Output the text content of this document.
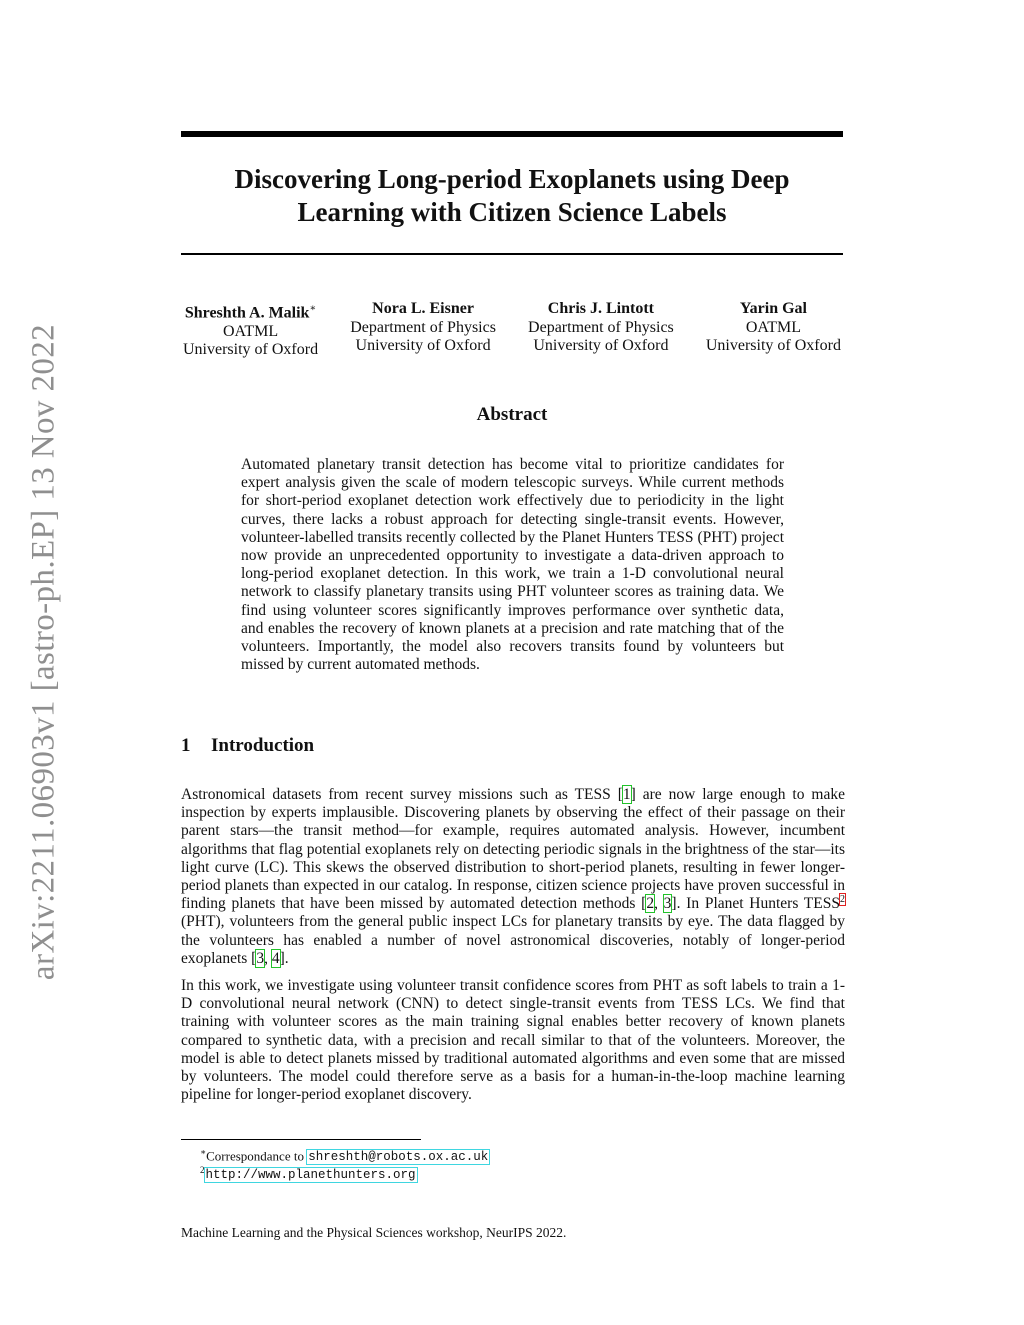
arXiv:2211.06903v1 [astro-ph.EP] 13 Nov 2022
Discovering Long-period Exoplanets using Deep Learning with Citizen Science Labels
Shreshth A. Malik∗
OATML
University of Oxford
Nora L. Eisner
Department of Physics
University of Oxford
Chris J. Lintott
Department of Physics
University of Oxford
Yarin Gal
OATML
University of Oxford
Abstract
Automated planetary transit detection has become vital to prioritize candidates for expert analysis given the scale of modern telescopic surveys. While current methods for short-period exoplanet detection work effectively due to periodicity in the light curves, there lacks a robust approach for detecting single-transit events. However, volunteer-labelled transits recently collected by the Planet Hunters TESS (PHT) project now provide an unprecedented opportunity to investigate a data-driven approach to long-period exoplanet detection. In this work, we train a 1-D convolutional neural network to classify planetary transits using PHT volunteer scores as training data. We find using volunteer scores significantly improves performance over synthetic data, and enables the recovery of known planets at a precision and rate matching that of the volunteers. Importantly, the model also recovers transits found by volunteers but missed by current automated methods.
1 Introduction
Astronomical datasets from recent survey missions such as TESS [1] are now large enough to make inspection by experts implausible. Discovering planets by observing the effect of their passage on their parent stars—the transit method—for example, requires automated analysis. However, incumbent algorithms that flag potential exoplanets rely on detecting periodic signals in the brightness of the star—its light curve (LC). This skews the observed distribution to short-period planets, resulting in fewer longer-period planets than expected in our catalog. In response, citizen science projects have proven successful in finding planets that have been missed by automated detection methods [2, 3]. In Planet Hunters TESS$^2$ (PHT), volunteers from the general public inspect LCs for planetary transits by eye. The data flagged by the volunteers has enabled a number of novel astronomical discoveries, notably of longer-period exoplanets [3, 4].
In this work, we investigate using volunteer transit confidence scores from PHT as soft labels to train a 1-D convolutional neural network (CNN) to detect single-transit events from TESS LCs. We find that training with volunteer scores as the main training signal enables better recovery of known planets compared to synthetic data, with a precision and recall similar to that of the volunteers. Moreover, the model is able to detect planets missed by traditional automated algorithms and even some that are missed by volunteers. The model could therefore serve as a basis for a human-in-the-loop machine learning pipeline for longer-period exoplanet discovery.
∗Correspondance to shreshth@robots.ox.ac.uk
$^2$http://www.planethunters.org
Machine Learning and the Physical Sciences workshop, NeurIPS 2022.
